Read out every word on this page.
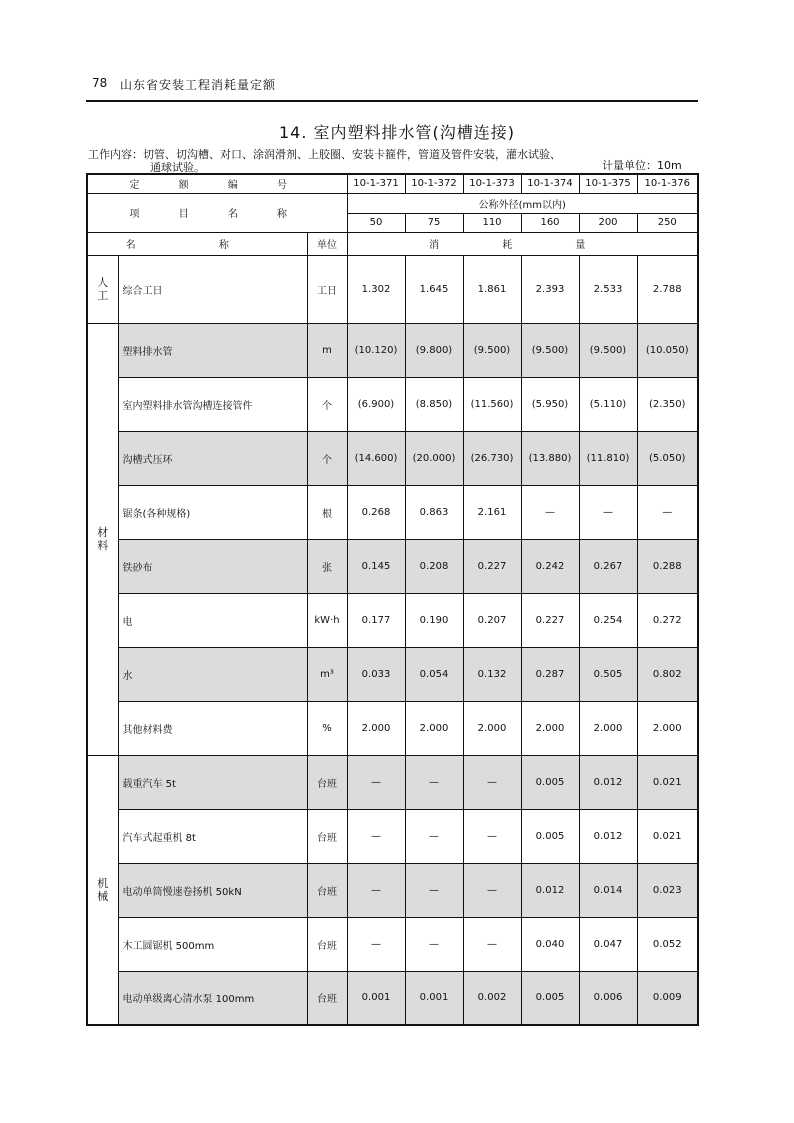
78 山东省安装工程消耗量定额
14. 室内塑料排水管(沟槽连接)
工作内容：切管、切沟槽、对口、涂润滑剂、上胶圈、安装卡箍件，管道及管件安装，灌水试验、
通球试验。	计量单位：10m
定 额 编 号			10-1-371	10-1-372	10-1-373	10-1-374	10-1-375	10-1-376
项 目 名 称			公称外径(mm以内)					
			50	75	110	160	200	250
名 称		单位	消 耗 量					

人
工	综合工日	工日	1.302	1.645	1.861	2.393	2.533	2.788

材
料	塑料排水管	m	(10.120)	(9.800)	(9.500)	(9.500)	(9.500)	(10.050)
	室内塑料排水管沟槽连接管件	个	(6.900)	(8.850)	(11.560)	(5.950)	(5.110)	(2.350)
	沟槽式压环	个	(14.600)	(20.000)	(26.730)	(13.880)	(11.810)	(5.050)
	锯条(各种规格)	根	0.268	0.863	2.161	—	—	—
	铁砂布	张	0.145	0.208	0.227	0.242	0.267	0.288
	电	kW·h	0.177	0.190	0.207	0.227	0.254	0.272
	水	m³	0.033	0.054	0.132	0.287	0.505	0.802
	其他材料费	%	2.000	2.000	2.000	2.000	2.000	2.000

机
械	载重汽车 5t	台班	—	—	—	0.005	0.012	0.021
	汽车式起重机 8t	台班	—	—	—	0.005	0.012	0.021
	电动单筒慢速卷扬机 50kN	台班	—	—	—	0.012	0.014	0.023
	木工圆锯机 500mm	台班	—	—	—	0.040	0.047	0.052
	电动单级离心清水泵 100mm	台班	0.001	0.001	0.002	0.005	0.006	0.009
